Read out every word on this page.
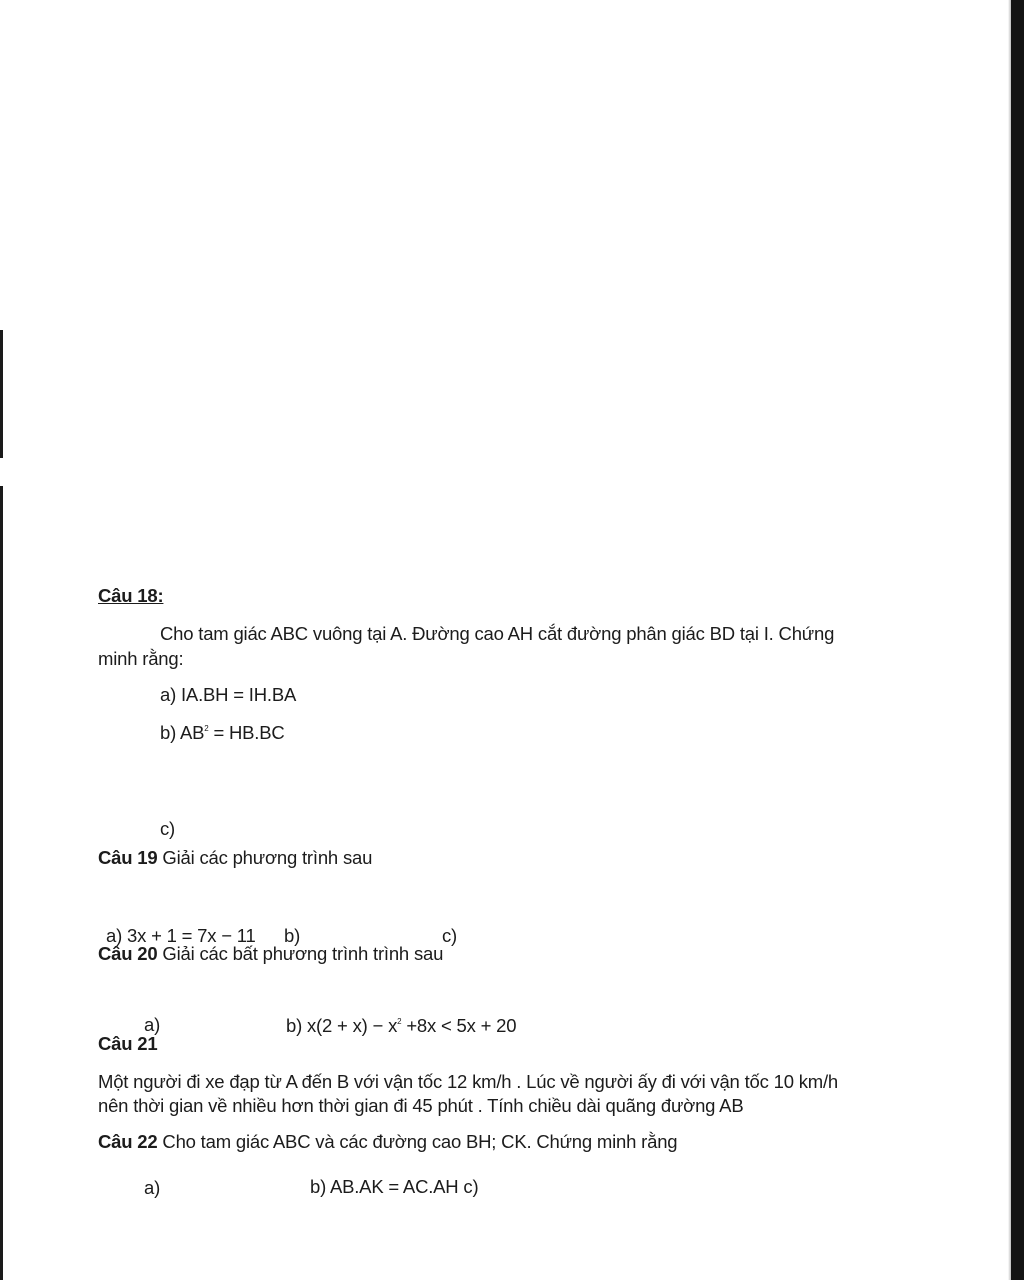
Câu 18:
Cho tam giác ABC vuông tại A. Đường cao AH cắt đường phân giác BD tại I. Chứng
minh rằng:
a) IA.BH = IH.BA
b) $AB^2 = HB.BC$
c)
Câu 19 Giải các phương trình sau
a) 3x + 1 = 7x − 11 b)	c)
Câu 20 Giải các bất phương trình trình sau
a)	b) $x(2 + x) - x^2 +8x < 5x + 20$
Câu 21
Một người đi xe đạp từ A đến B với vận tốc 12 km/h . Lúc về người ấy đi với vận tốc 10 km/h
nên thời gian về nhiều hơn thời gian đi 45 phút . Tính chiều dài quãng đường AB
Câu 22 Cho tam giác ABC và các đường cao BH; CK. Chứng minh rằng
a)	b) AB.AK = AC.AH c)
